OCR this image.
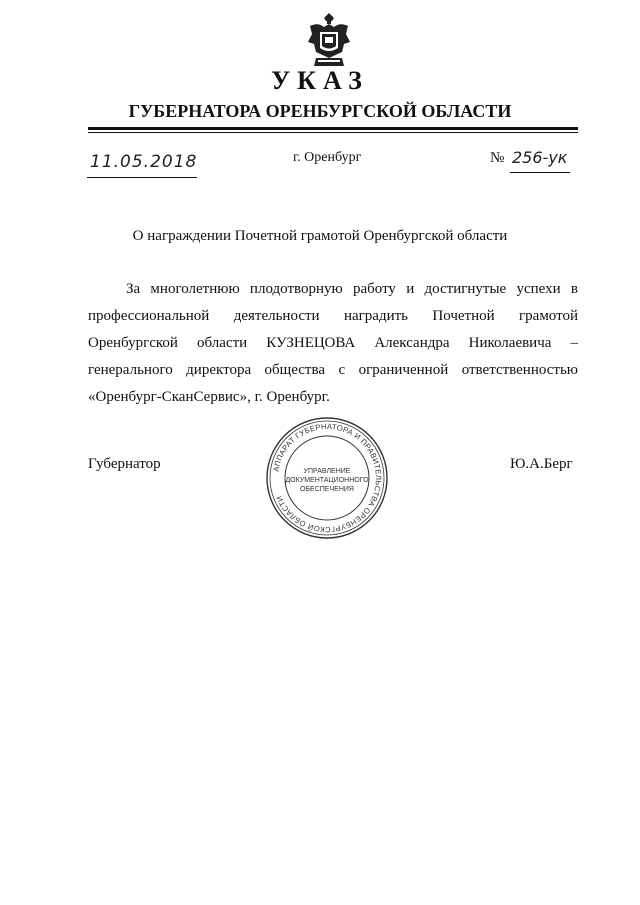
УКАЗ
ГУБЕРНАТОРА ОРЕНБУРГСКОЙ ОБЛАСТИ
11.05.2018	г. Оренбург	№ 256-ук
О награждении Почетной грамотой Оренбургской области
За многолетнюю плодотворную работу и достигнутые успехи в
профессиональной деятельности наградить Почетной грамотой
Оренбургской области КУЗНЕЦОВА Александра Николаевича –
генерального директора общества с ограниченной ответственностью
«Оренбург-СканСервис», г. Оренбург.
Губернатор	Ю.А.Берг
АППАРАТ ГУБЕРНАТОРА И ПРАВИТЕЛЬСТВА ОРЕНБУРГСКОЙ ОБЛАСТИ
УПРАВЛЕНИЕ
ДОКУМЕНТАЦИОННОГО
ОБЕСПЕЧЕНИЯ
